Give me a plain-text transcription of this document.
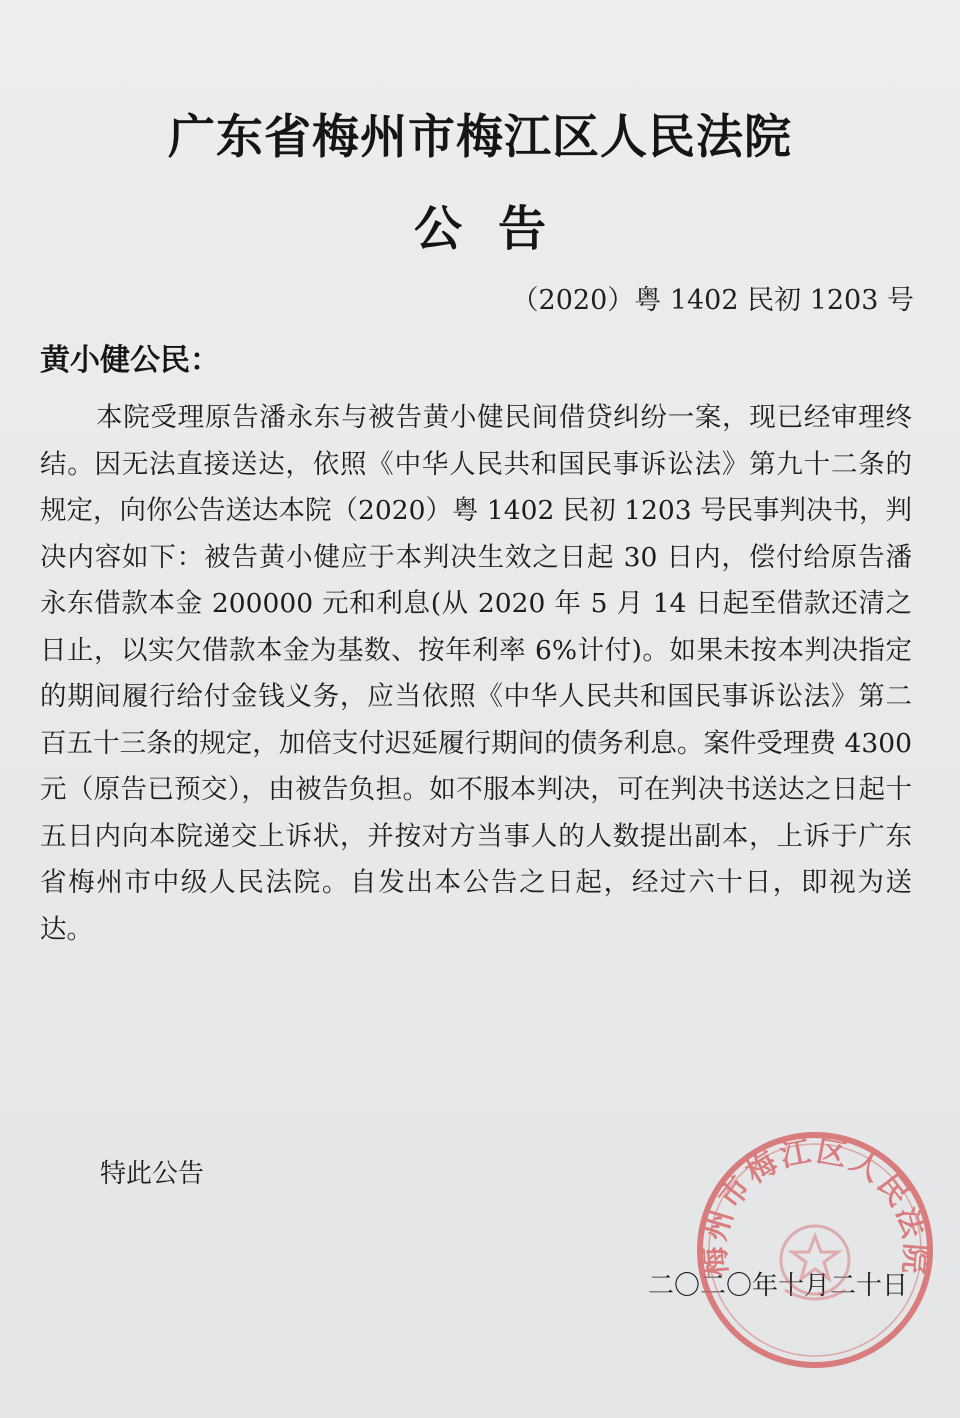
广东省梅州市梅江区人民法院
公告
（2020）粤 1402 民初 1203 号
黄小健公民：

本院受理原告潘永东与被告黄小健民间借贷纠纷一案，现已经审理终结。因无法直接送达，依照《中华人民共和国民事诉讼法》第九十二条的规定，向你公告送达本院（2020）粤 1402 民初 1203 号民事判决书，判决内容如下：被告黄小健应于本判决生效之日起 30 日内，偿付给原告潘永东借款本金 200000 元和利息(从 2020 年 5 月 14 日起至借款还清之日止，以实欠借款本金为基数、按年利率 6%计付)。如果未按本判决指定的期间履行给付金钱义务，应当依照《中华人民共和国民事诉讼法》第二百五十三条的规定，加倍支付迟延履行期间的债务利息。案件受理费 4300 元（原告已预交），由被告负担。如不服本判决，可在判决书送达之日起十五日内向本院递交上诉状，并按对方当事人的人数提出副本，上诉于广东省梅州市中级人民法院。自发出本公告之日起，经过六十日，即视为送达。

特此公告
二〇二〇年十月二十日
梅州市梅江区人民法院
